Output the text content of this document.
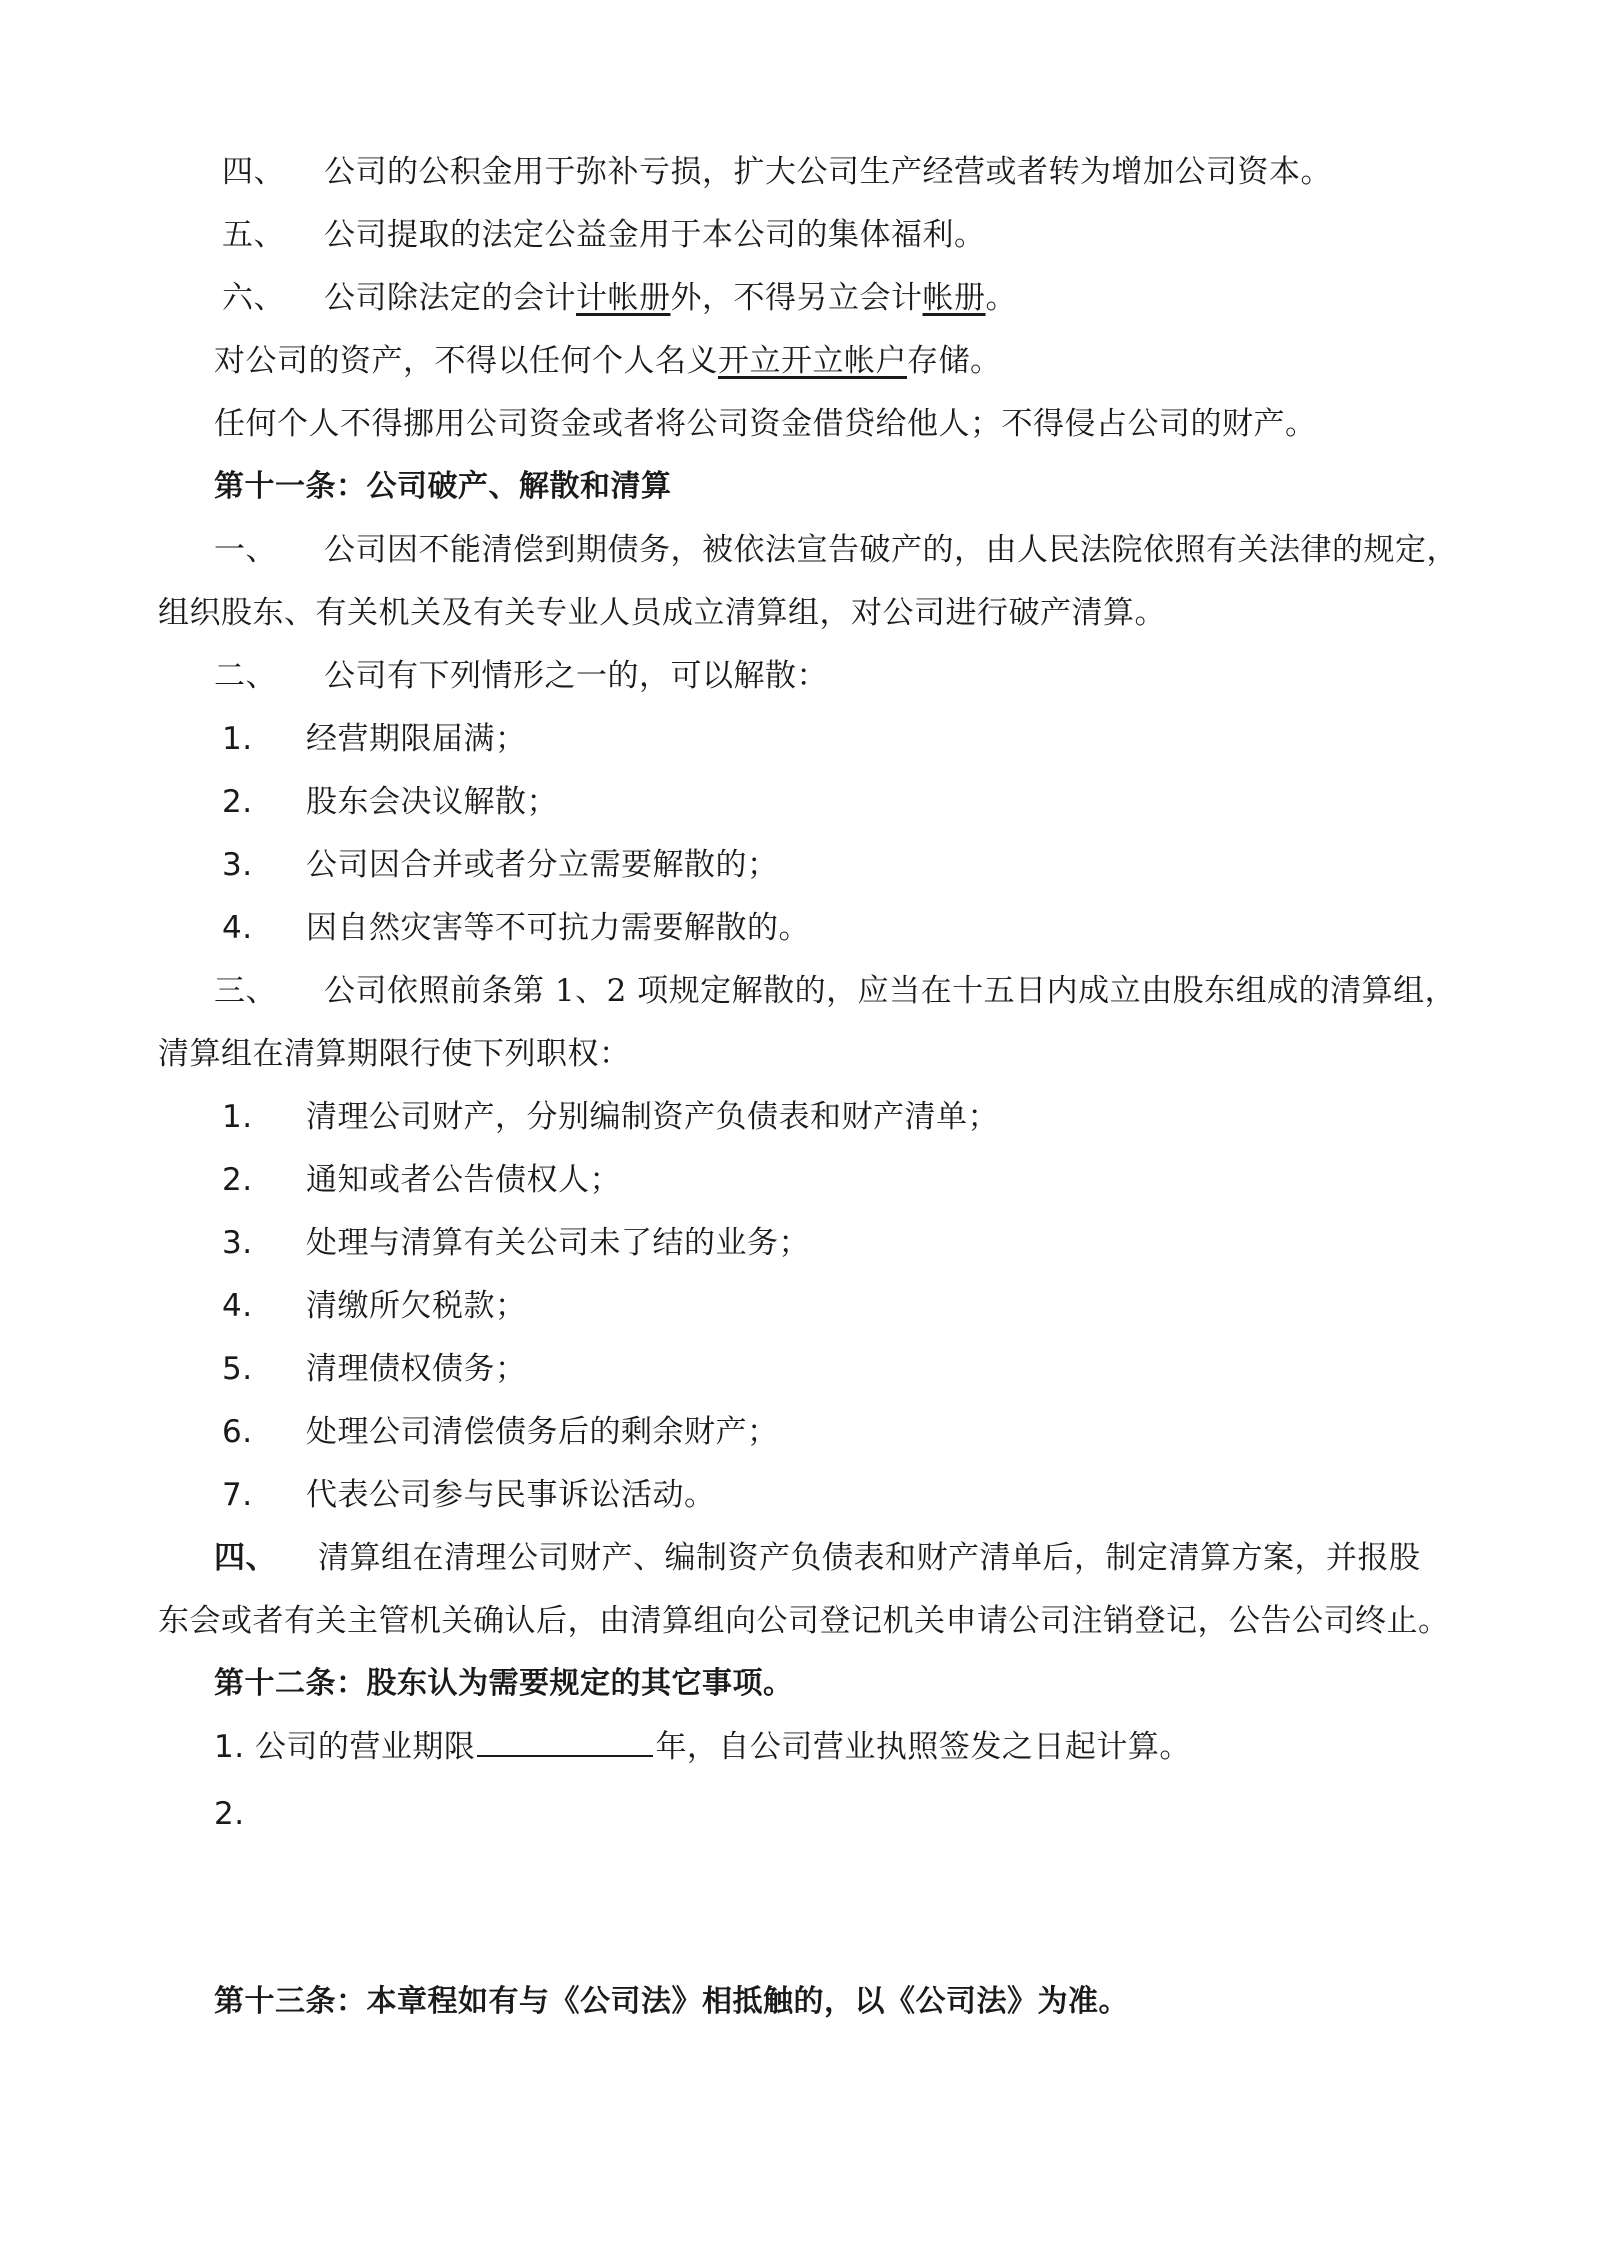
四、 公司的公积金用于弥补亏损，扩大公司生产经营或者转为增加公司资本。
五、 公司提取的法定公益金用于本公司的集体福利。
六、 公司除法定的会计计帐册外，不得另立会计帐册。
对公司的资产，不得以任何个人名义开立开立帐户存储。
任何个人不得挪用公司资金或者将公司资金借贷给他人；不得侵占公司的财产。
第十一条：公司破产、解散和清算
一、 公司因不能清偿到期债务，被依法宣告破产的，由人民法院依照有关法律的规定，
组织股东、有关机关及有关专业人员成立清算组，对公司进行破产清算。
二、 公司有下列情形之一的，可以解散：
1. 经营期限届满；
2. 股东会决议解散；
3. 公司因合并或者分立需要解散的；
4. 因自然灾害等不可抗力需要解散的。
三、 公司依照前条第 1、2 项规定解散的，应当在十五日内成立由股东组成的清算组，
清算组在清算期限行使下列职权：
1. 清理公司财产，分别编制资产负债表和财产清单；
2. 通知或者公告债权人；
3. 处理与清算有关公司未了结的业务；
4. 清缴所欠税款；
5. 清理债权债务；
6. 处理公司清偿债务后的剩余财产；
7. 代表公司参与民事诉讼活动。
四、 清算组在清理公司财产、编制资产负债表和财产清单后，制定清算方案，并报股
东会或者有关主管机关确认后，由清算组向公司登记机关申请公司注销登记，公告公司终止。
第十二条：股东认为需要规定的其它事项。
1. 公司的营业期限	年，自公司营业执照签发之日起计算。
2.
第十三条：本章程如有与《公司法》相抵触的，以《公司法》为准。
